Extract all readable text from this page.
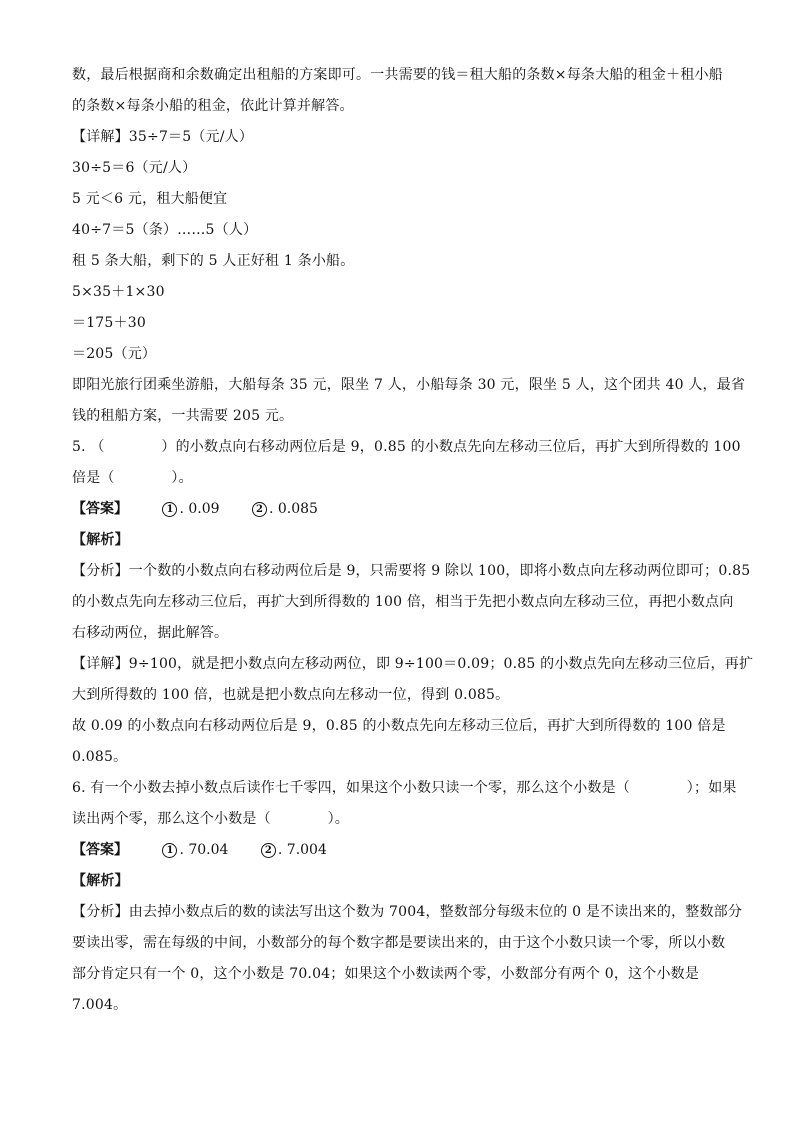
数，最后根据商和余数确定出租船的方案即可。一共需要的钱＝租大船的条数×每条大船的租金＋租小船
的条数×每条小船的租金，依此计算并解答。
【详解】35÷7＝5（元/人）
30÷5＝6（元/人）
5 元＜6 元，租大船便宜
40÷7＝5（条）……5（人）
租 5 条大船，剩下的 5 人正好租 1 条小船。
5×35＋1×30
＝175＋30
＝205（元）
即阳光旅行团乘坐游船，大船每条 35 元，限坐 7 人，小船每条 30 元，限坐 5 人，这个团共 40 人，最省
钱的租船方案，一共需要 205 元。
5. （　　　　）的小数点向右移动两位后是 9，0.85 的小数点先向左移动三位后，再扩大到所得数的 100
倍是（　　　　）。
【答案】	1 . 0.09	2 . 0.085
【解析】
【分析】一个数的小数点向右移动两位后是 9，只需要将 9 除以 100，即将小数点向左移动两位即可；0.85
的小数点先向左移动三位后，再扩大到所得数的 100 倍，相当于先把小数点向左移动三位，再把小数点向
右移动两位，据此解答。
【详解】9÷100，就是把小数点向左移动两位，即 9÷100＝0.09；0.85 的小数点先向左移动三位后，再扩
大到所得数的 100 倍，也就是把小数点向左移动一位，得到 0.085。
故 0.09 的小数点向右移动两位后是 9，0.85 的小数点先向左移动三位后，再扩大到所得数的 100 倍是
0.085。
6. 有一个小数去掉小数点后读作七千零四，如果这个小数只读一个零，那么这个小数是（　　　　）；如果
读出两个零，那么这个小数是（　　　　）。
【答案】	1 . 70.04	2 . 7.004
【解析】
【分析】由去掉小数点后的数的读法写出这个数为 7004，整数部分每级末位的 0 是不读出来的，整数部分
要读出零，需在每级的中间，小数部分的每个数字都是要读出来的，由于这个小数只读一个零，所以小数
部分肯定只有一个 0，这个小数是 70.04；如果这个小数读两个零，小数部分有两个 0，这个小数是
7.004。
